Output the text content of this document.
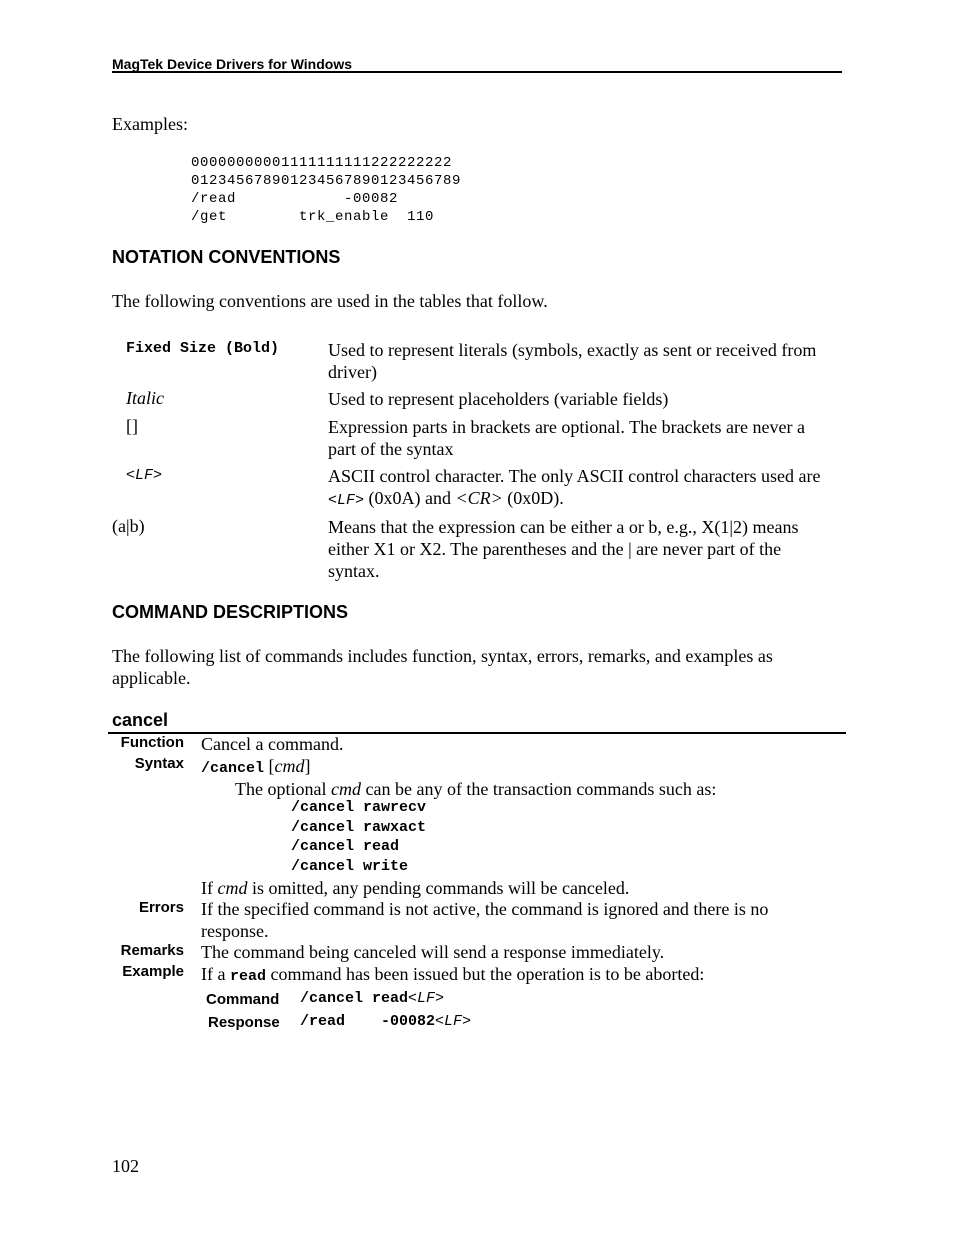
MagTek Device Drivers for Windows
Examples:
00000000001111111111222222222
01234567890123456789012345678​9
/read            -00082
/get        trk_enable  110
NOTATION CONVENTIONS
The following conventions are used in the tables that follow.
Fixed Size (Bold)	Used to represent literals (symbols, exactly as sent or received from driver)
Italic	Used to represent placeholders (variable fields)
[]	Expression parts in brackets are optional. The brackets are never a part of the syntax
<LF>	ASCII control character. The only ASCII control characters used are <LF> (0x0A) and <CR> (0x0D).
(a|b)	Means that the expression can be either a or b, e.g., X(1|2) means either X1 or X2. The parentheses and the | are never part of the syntax.
COMMAND DESCRIPTIONS
The following list of commands includes function, syntax, errors, remarks, and examples as applicable.
cancel
Function Cancel a command.
Syntax /cancel [cmd]
The optional cmd can be any of the transaction commands such as:
/cancel rawrecv
/cancel rawxact
/cancel read
/cancel write
If cmd is omitted, any pending commands will be canceled.
Errors If the specified command is not active, the command is ignored and there is no response.
Remarks The command being canceled will send a response immediately.
Example If a read command has been issued but the operation is to be aborted:
Command /cancel read<LF>
Response /read    -00082<LF>
102
